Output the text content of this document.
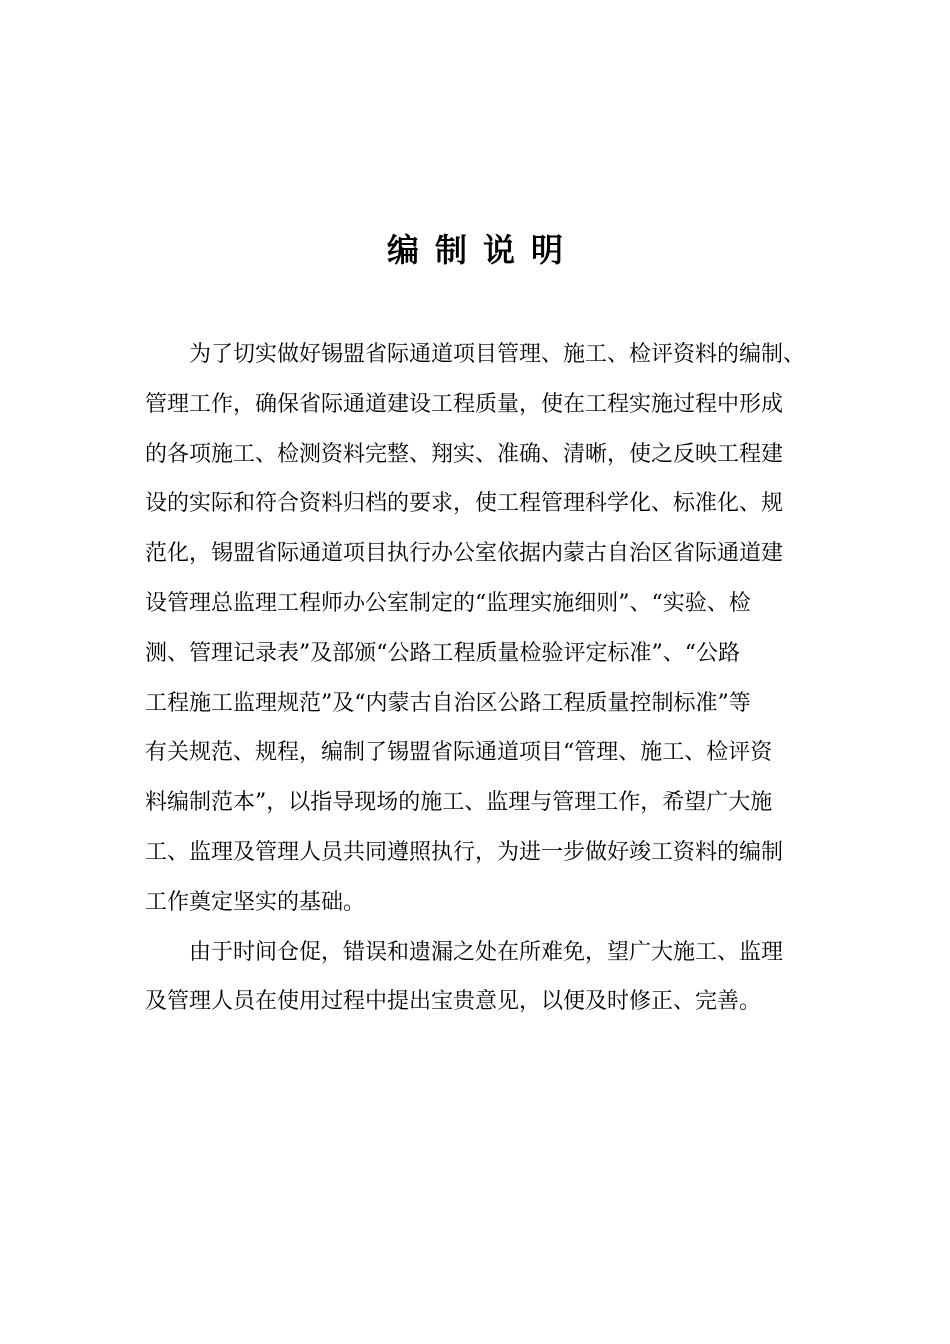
编制说明
为了切实做好锡盟省际通道项目管理、施工、检评资料的编制、
管理工作，确保省际通道建设工程质量，使在工程实施过程中形成
的各项施工、检测资料完整、翔实、准确、清晰，使之反映工程建
设的实际和符合资料归档的要求，使工程管理科学化、标准化、规
范化，锡盟省际通道项目执行办公室依据内蒙古自治区省际通道建
设管理总监理工程师办公室制定的“监理实施细则”、“实验、检
测、管理记录表”及部颁“公路工程质量检验评定标准”、“公路
工程施工监理规范”及“内蒙古自治区公路工程质量控制标准”等
有关规范、规程，编制了锡盟省际通道项目“管理、施工、检评资
料编制范本”，以指导现场的施工、监理与管理工作，希望广大施
工、监理及管理人员共同遵照执行，为进一步做好竣工资料的编制
工作奠定坚实的基础。
由于时间仓促，错误和遗漏之处在所难免，望广大施工、监理
及管理人员在使用过程中提出宝贵意见，以便及时修正、完善。
